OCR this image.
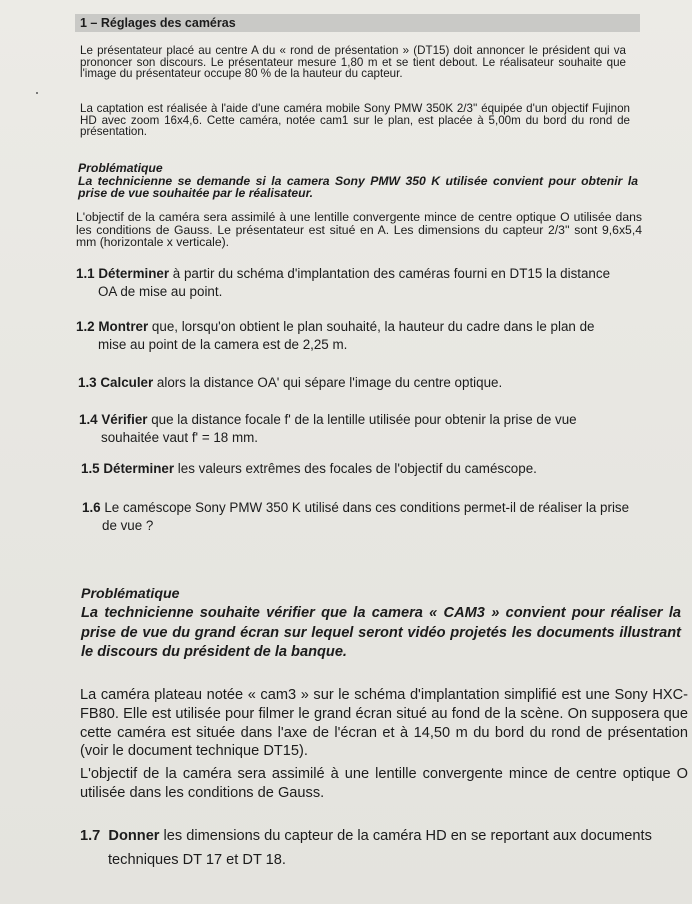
1 – Réglages des caméras

Le présentateur placé au centre A du « rond de présentation » (DT15) doit annoncer le président qui va prononcer son discours. Le présentateur mesure 1,80 m et se tient debout. Le réalisateur souhaite que l'image du présentateur occupe 80 % de la hauteur du capteur.

La captation est réalisée à l'aide d'une caméra mobile Sony PMW 350K 2/3'' équipée d'un objectif Fujinon HD avec zoom 16x4,6. Cette caméra, notée cam1 sur le plan, est placée à 5,00m du bord du rond de présentation.

Problématique
La technicienne se demande si la camera Sony PMW 350 K utilisée convient pour obtenir la prise de vue souhaitée par le réalisateur.

L'objectif de la caméra sera assimilé à une lentille convergente mince de centre optique O utilisée dans les conditions de Gauss. Le présentateur est situé en A. Les dimensions du capteur 2/3'' sont 9,6x5,4 mm (horizontale x verticale).

1.1 Déterminer à partir du schéma d'implantation des caméras fourni en DT15 la distance
OA de mise au point.
1.2 Montrer que, lorsqu'on obtient le plan souhaité, la hauteur du cadre dans le plan de
mise au point de la camera est de 2,25 m.
1.3 Calculer alors la distance OA' qui sépare l'image du centre optique.
1.4 Vérifier que la distance focale f' de la lentille utilisée pour obtenir la prise de vue
souhaitée vaut f' = 18 mm.
1.5 Déterminer les valeurs extrêmes des focales de l'objectif du caméscope.
1.6 Le caméscope Sony PMW 350 K utilisé dans ces conditions permet-il de réaliser la prise
de vue ?
Problématique
La technicienne souhaite vérifier que la camera « CAM3 » convient pour réaliser la prise de vue du grand écran sur lequel seront vidéo projetés les documents illustrant le discours du président de la banque.

La caméra plateau notée « cam3 » sur le schéma d'implantation simplifié est une Sony HXC-FB80. Elle est utilisée pour filmer le grand écran situé au fond de la scène. On supposera que cette caméra est située dans l'axe de l'écran et à 14,50 m du bord du rond de présentation (voir le document technique DT15).

L'objectif de la caméra sera assimilé à une lentille convergente mince de centre optique O utilisée dans les conditions de Gauss.

1.7 Donner les dimensions du capteur de la caméra HD en se reportant aux documents
techniques DT 17 et DT 18.
